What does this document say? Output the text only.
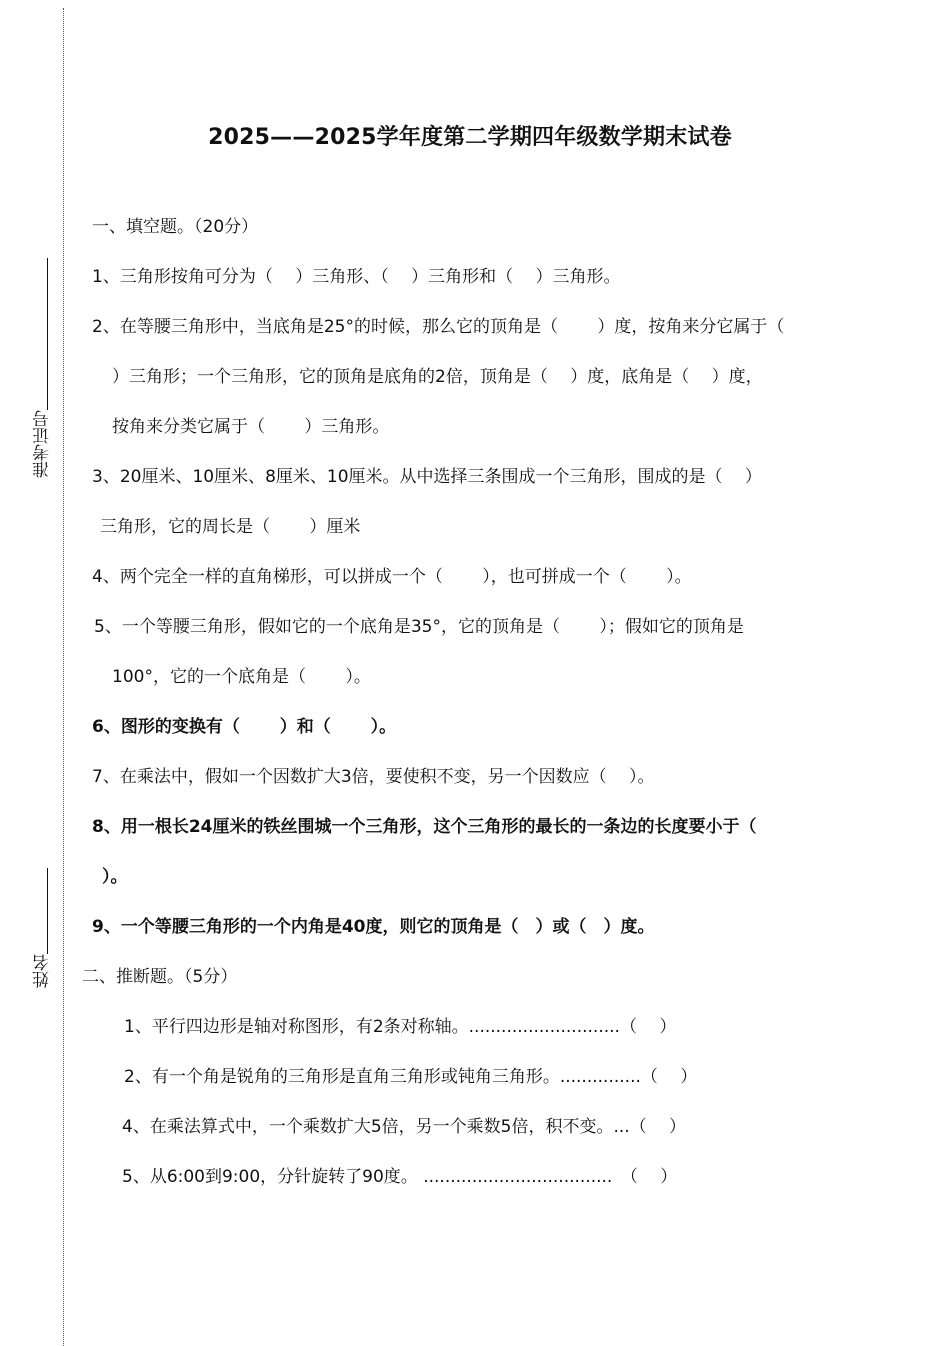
准考证号
姓名
2025——2025学年度第二学期四年级数学期末试卷
一、填空题。（20分）
1、三角形按角可分为（　 ）三角形、（　 ）三角形和（　 ）三角形。
2、在等腰三角形中，当底角是25°的时候，那么它的顶角是（　　 ）度，按角来分它属于（
）三角形；一个三角形，它的顶角是底角的2倍，顶角是（　 ）度，底角是（　 ）度，
按角来分类它属于（　　 ）三角形。
3、20厘米、10厘米、8厘米、10厘米。从中选择三条围成一个三角形，围成的是（　 ）
三角形，它的周长是（　　 ）厘米
4、两个完全一样的直角梯形，可以拼成一个（　　 ），也可拼成一个（　　 ）。
5、一个等腰三角形，假如它的一个底角是35°，它的顶角是（　　 ）；假如它的顶角是
100°，它的一个底角是（　　 ）。
6、图形的变换有（　　 ）和（　　 ）。
7、在乘法中，假如一个因数扩大3倍，要使积不变，另一个因数应（　 ）。
8、用一根长24厘米的铁丝围城一个三角形，这个三角形的最长的一条边的长度要小于（
）。
9、一个等腰三角形的一个内角是40度，则它的顶角是（　）或（　）度。
二、推断题。（5分）
1、平行四边形是轴对称图形，有2条对称轴。............................（　 ）
2、有一个角是锐角的三角形是直角三角形或钝角三角形。...............（　 ）
4、在乘法算式中，一个乘数扩大5倍，另一个乘数5倍，积不变。...（　 ）
5、从6:00到9:00，分针旋转了90度。 ...................................　（　 ）
